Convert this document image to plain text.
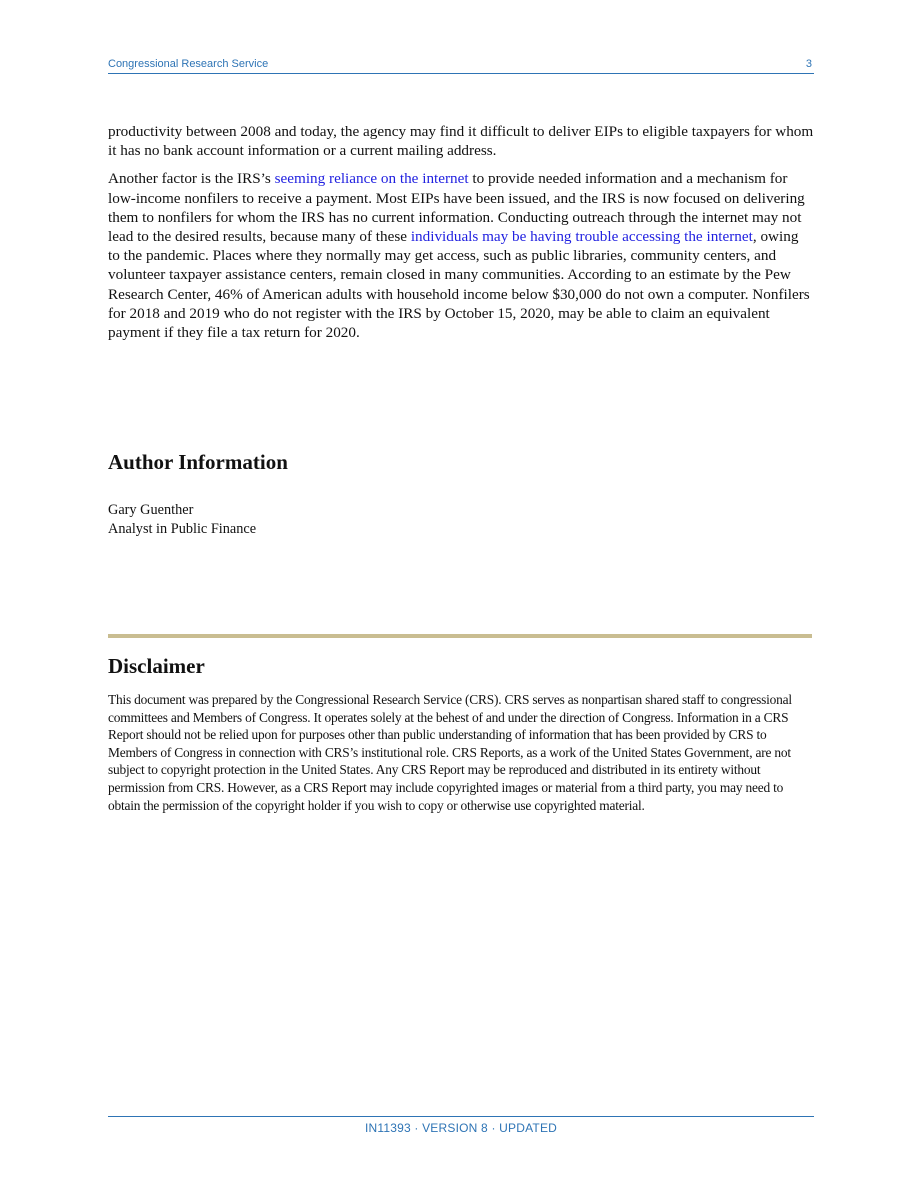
Congressional Research Service	3

productivity between 2008 and today, the agency may find it difficult to deliver EIPs to eligible taxpayers for whom it has no bank account information or a current mailing address.

Another factor is the IRS’s seeming reliance on the internet to provide needed information and a mechanism for low-income nonfilers to receive a payment. Most EIPs have been issued, and the IRS is now focused on delivering them to nonfilers for whom the IRS has no current information. Conducting outreach through the internet may not lead to the desired results, because many of these individuals may be having trouble accessing the internet, owing to the pandemic. Places where they normally may get access, such as public libraries, community centers, and volunteer taxpayer assistance centers, remain closed in many communities. According to an estimate by the Pew Research Center, 46% of American adults with household income below $30,000 do not own a computer. Nonfilers for 2018 and 2019 who do not register with the IRS by October 15, 2020, may be able to claim an equivalent payment if they file a tax return for 2020.

Author Information
Gary Guenther
Analyst in Public Finance
Disclaimer
This document was prepared by the Congressional Research Service (CRS). CRS serves as nonpartisan shared staff to congressional committees and Members of Congress. It operates solely at the behest of and under the direction of Congress. Information in a CRS Report should not be relied upon for purposes other than public understanding of information that has been provided by CRS to Members of Congress in connection with CRS’s institutional role. CRS Reports, as a work of the United States Government, are not subject to copyright protection in the United States. Any CRS Report may be reproduced and distributed in its entirety without permission from CRS. However, as a CRS Report may include copyrighted images or material from a third party, you may need to obtain the permission of the copyright holder if you wish to copy or otherwise use copyrighted material.
IN11393 · VERSION 8 · UPDATED
